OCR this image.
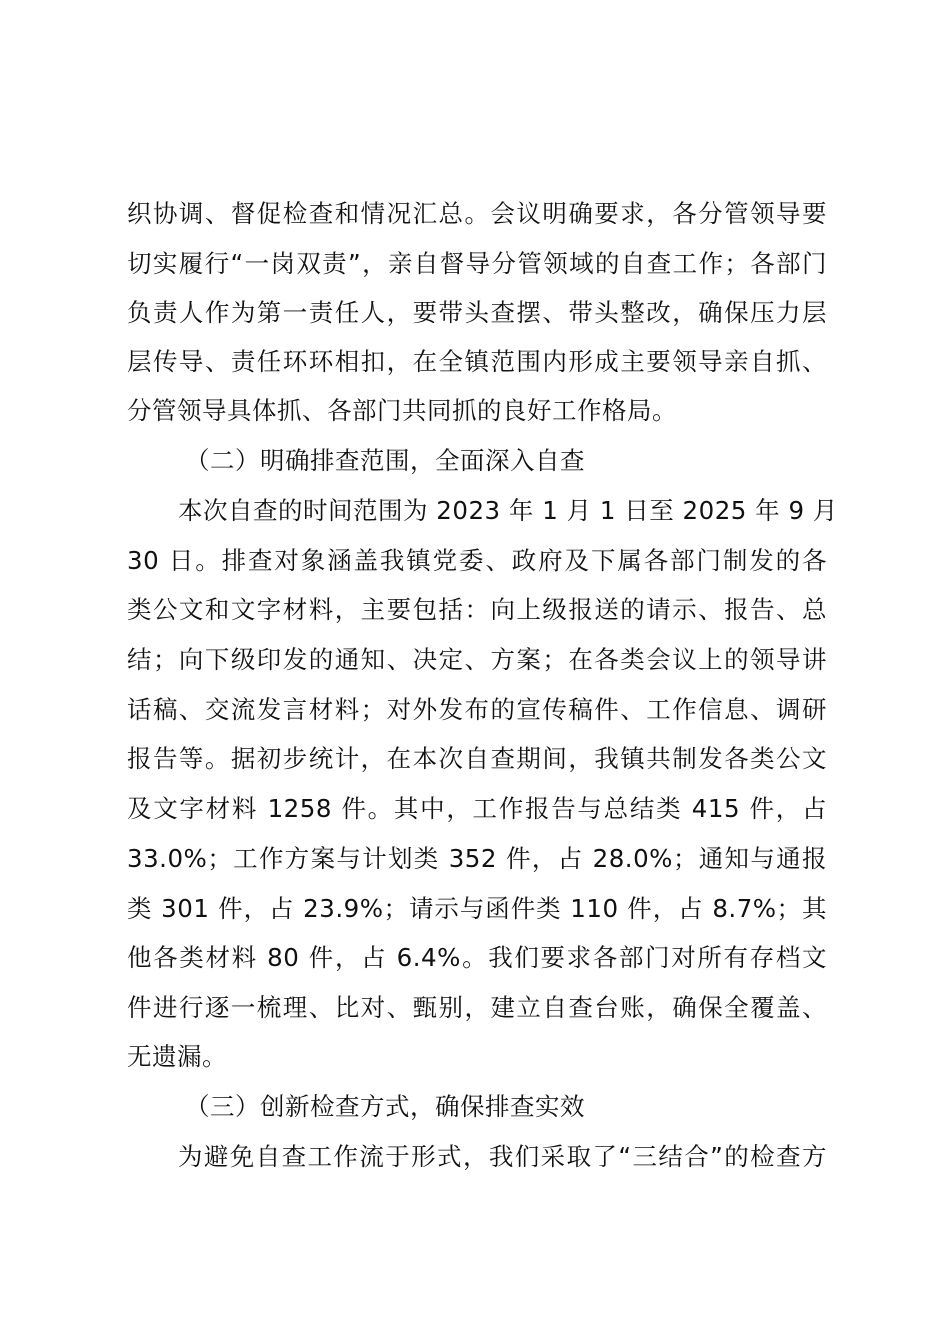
织协调、督促检查和情况汇总。会议明确要求，各分管领导要
切实履行“一岗双责”，亲自督导分管领域的自查工作；各部门
负责人作为第一责任人，要带头查摆、带头整改，确保压力层
层传导、责任环环相扣，在全镇范围内形成主要领导亲自抓、
分管领导具体抓、各部门共同抓的良好工作格局。
（二）明确排查范围，全面深入自查
本次自查的时间范围为 2023 年 1 月 1 日至 2025 年 9 月
30 日。排查对象涵盖我镇党委、政府及下属各部门制发的各
类公文和文字材料，主要包括：向上级报送的请示、报告、总
结；向下级印发的通知、决定、方案；在各类会议上的领导讲
话稿、交流发言材料；对外发布的宣传稿件、工作信息、调研
报告等。据初步统计，在本次自查期间，我镇共制发各类公文
及文字材料 1258 件。其中，工作报告与总结类 415 件，占
33.0%；工作方案与计划类 352 件，占 28.0%；通知与通报
类 301 件，占 23.9%；请示与函件类 110 件，占 8.7%；其
他各类材料 80 件，占 6.4%。我们要求各部门对所有存档文
件进行逐一梳理、比对、甄别，建立自查台账，确保全覆盖、
无遗漏。
（三）创新检查方式，确保排查实效
为避免自查工作流于形式，我们采取了“三结合”的检查方
